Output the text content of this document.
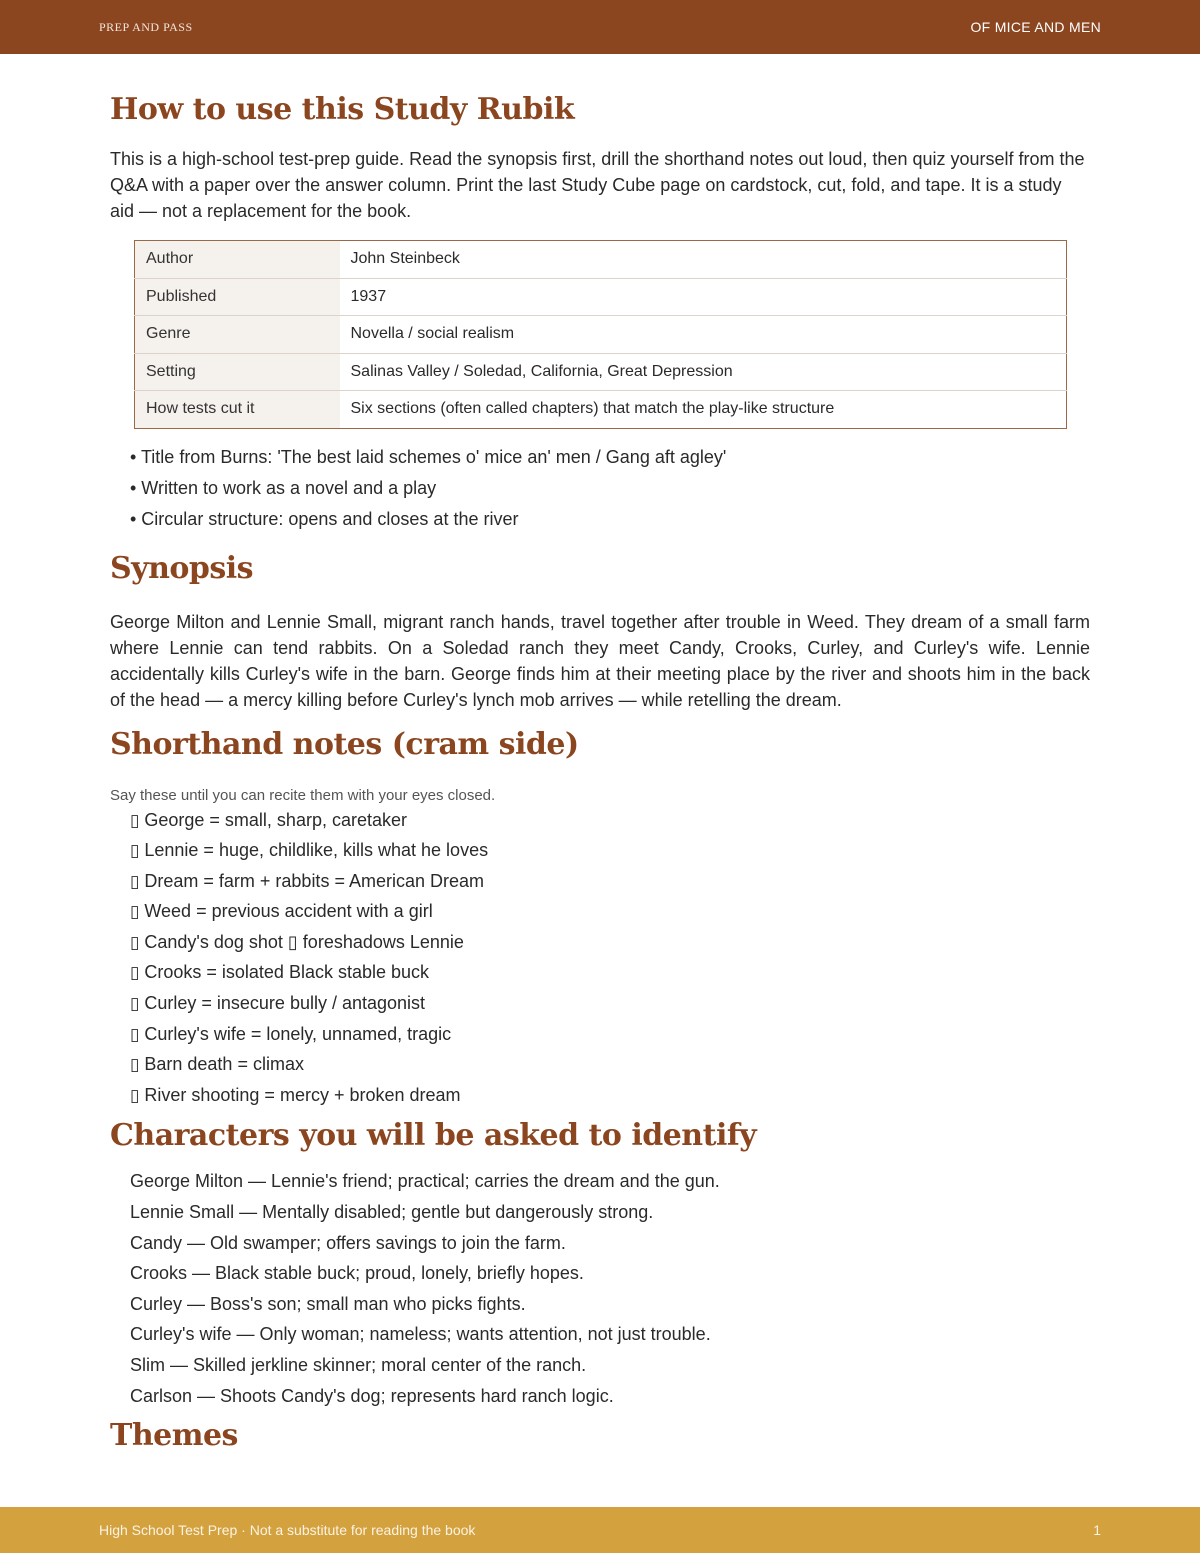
PREP AND PASS	OF MICE AND MEN
How to use this Study Rubik

This is a high-school test-prep guide. Read the synopsis first, drill the shorthand notes out loud, then quiz yourself from the Q&A with a paper over the answer column. Print the last Study Cube page on cardstock, cut, fold, and tape. It is a study aid — not a replacement for the book.

Author	John Steinbeck
Published	1937
Genre	Novella / social realism
Setting	Salinas Valley / Soledad, California, Great Depression
How tests cut it	Six sections (often called chapters) that match the play-like structure
• Title from Burns: 'The best laid schemes o' mice an' men / Gang aft agley'
• Written to work as a novel and a play
• Circular structure: opens and closes at the river
Synopsis

George Milton and Lennie Small, migrant ranch hands, travel together after trouble in Weed. They dream of a small farm where Lennie can tend rabbits. On a Soledad ranch they meet Candy, Crooks, Curley, and Curley's wife. Lennie accidentally kills Curley's wife in the barn. George finds him at their meeting place by the river and shoots him in the back of the head — a mercy killing before Curley's lynch mob arrives — while retelling the dream.

Shorthand notes (cram side)

Say these until you can recite them with your eyes closed.

▯ George = small, sharp, caretaker
▯ Lennie = huge, childlike, kills what he loves
▯ Dream = farm + rabbits = American Dream
▯ Weed = previous accident with a girl
▯ Candy's dog shot ▯ foreshadows Lennie
▯ Crooks = isolated Black stable buck
▯ Curley = insecure bully / antagonist
▯ Curley's wife = lonely, unnamed, tragic
▯ Barn death = climax
▯ River shooting = mercy + broken dream
Characters you will be asked to identify
George Milton — Lennie's friend; practical; carries the dream and the gun.
Lennie Small — Mentally disabled; gentle but dangerously strong.
Candy — Old swamper; offers savings to join the farm.
Crooks — Black stable buck; proud, lonely, briefly hopes.
Curley — Boss's son; small man who picks fights.
Curley's wife — Only woman; nameless; wants attention, not just trouble.
Slim — Skilled jerkline skinner; moral center of the ranch.
Carlson — Shoots Candy's dog; represents hard ranch logic.
Themes
High School Test Prep · Not a substitute for reading the book	1
